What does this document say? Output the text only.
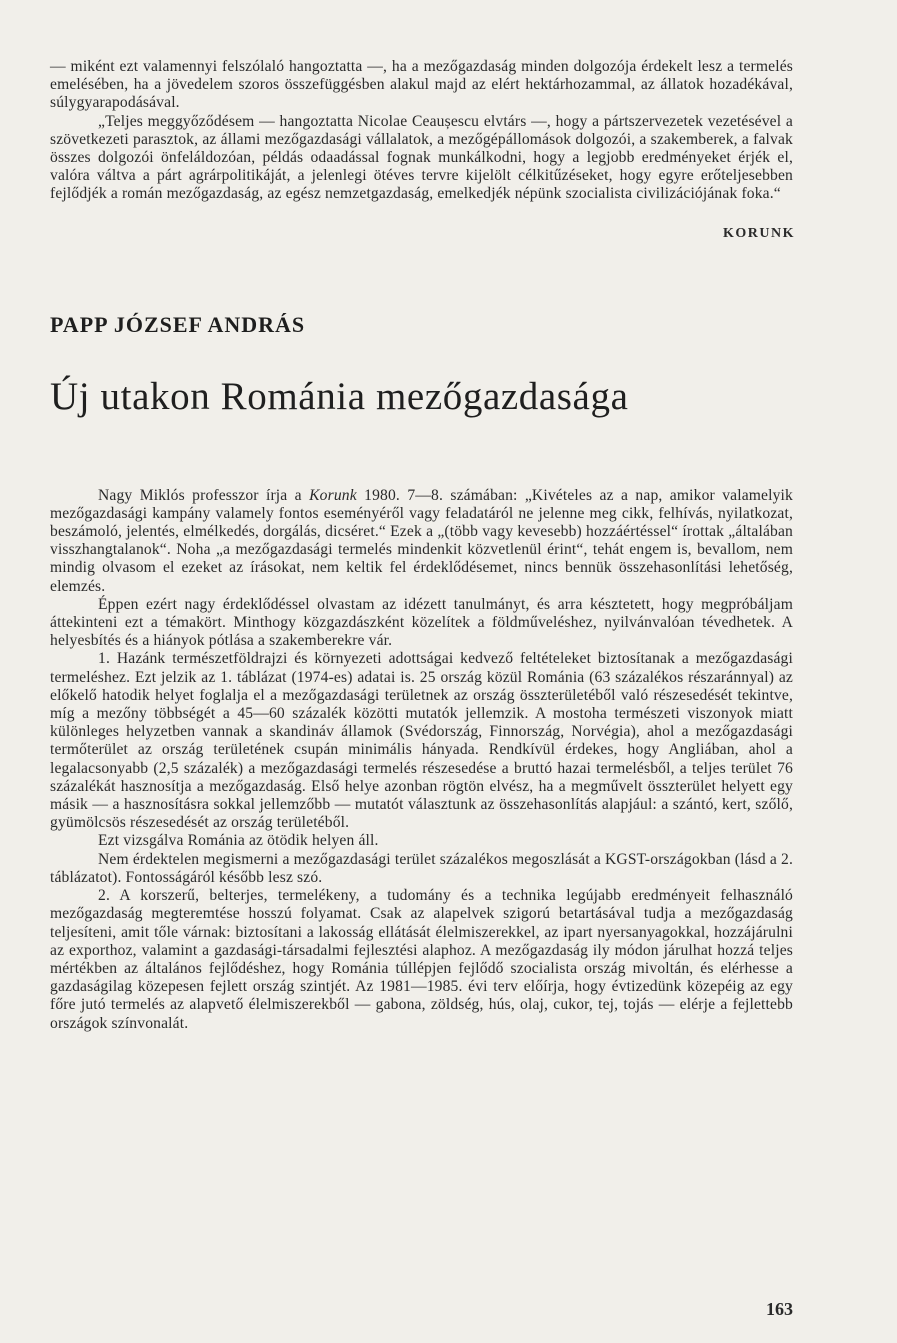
— miként ezt valamennyi felszólaló hangoztatta —, ha a mezőgazdaság minden dolgozója érdekelt lesz a termelés emelésében, ha a jövedelem szoros összefüggésben alakul majd az elért hektárhozammal, az állatok hozadékával, súlygyarapodásával.

„Teljes meggyőződésem — hangoztatta Nicolae Ceaușescu elvtárs —, hogy a pártszervezetek vezetésével a szövetkezeti parasztok, az állami mezőgazdasági vállalatok, a mezőgépállomások dolgozói, a szakemberek, a falvak összes dolgozói önfeláldozóan, példás odaadással fognak munkálkodni, hogy a legjobb eredményeket érjék el, valóra váltva a párt agrárpolitikáját, a jelenlegi ötéves tervre kijelölt célkitűzéseket, hogy egyre erőteljesebben fejlődjék a román mezőgazdaság, az egész nemzetgazdaság, emelkedjék népünk szocialista civilizációjának foka.“

KORUNK
PAPP JÓZSEF ANDRÁS
Új utakon Románia mezőgazdasága

Nagy Miklós professzor írja a Korunk 1980. 7—8. számában: „Kivételes az a nap, amikor valamelyik mezőgazdasági kampány valamely fontos eseményéről vagy feladatáról ne jelenne meg cikk, felhívás, nyilatkozat, beszámoló, jelentés, elmélkedés, dorgálás, dicséret.“ Ezek a „(több vagy kevesebb) hozzáértéssel“ írottak „általában visszhangtalanok“. Noha „a mezőgazdasági termelés mindenkit közvetlenül érint“, tehát engem is, bevallom, nem mindig olvasom el ezeket az írásokat, nem keltik fel érdeklődésemet, nincs bennük összehasonlítási lehetőség, elemzés.

Éppen ezért nagy érdeklődéssel olvastam az idézett tanulmányt, és arra késztetett, hogy megpróbáljam áttekinteni ezt a témakört. Minthogy közgazdászként közelítek a földműveléshez, nyilvánvalóan tévedhetek. A helyesbítés és a hiányok pótlása a szakemberekre vár.

1. Hazánk természetföldrajzi és környezeti adottságai kedvező feltételeket biztosítanak a mezőgazdasági termeléshez. Ezt jelzik az 1. táblázat (1974-es) adatai is. 25 ország közül Románia (63 százalékos részaránnyal) az előkelő hatodik helyet foglalja el a mezőgazdasági területnek az ország összterületéből való részesedését tekintve, míg a mezőny többségét a 45—60 százalék közötti mutatók jellemzik. A mostoha természeti viszonyok miatt különleges helyzetben vannak a skandináv államok (Svédország, Finnország, Norvégia), ahol a mezőgazdasági termőterület az ország területének csupán minimális hányada. Rendkívül érdekes, hogy Angliában, ahol a legalacsonyabb (2,5 százalék) a mezőgazdasági termelés részesedése a bruttó hazai termelésből, a teljes terület 76 százalékát hasznosítja a mezőgazdaság. Első helye azonban rögtön elvész, ha a megművelt összterület helyett egy másik — a hasznosításra sokkal jellemzőbb — mutatót választunk az összehasonlítás alapjául: a szántó, kert, szőlő, gyümölcsös részesedését az ország területéből.

Ezt vizsgálva Románia az ötödik helyen áll.

Nem érdektelen megismerni a mezőgazdasági terület százalékos megoszlását a KGST-országokban (lásd a 2. táblázatot). Fontosságáról később lesz szó.

2. A korszerű, belterjes, termelékeny, a tudomány és a technika legújabb eredményeit felhasználó mezőgazdaság megteremtése hosszú folyamat. Csak az alapelvek szigorú betartásával tudja a mezőgazdaság teljesíteni, amit tőle várnak: biztosítani a lakosság ellátását élelmiszerekkel, az ipart nyersanyagokkal, hozzájárulni az exporthoz, valamint a gazdasági-társadalmi fejlesztési alaphoz. A mezőgazdaság ily módon járulhat hozzá teljes mértékben az általános fejlődéshez, hogy Románia túllépjen fejlődő szocialista ország mivoltán, és elérhesse a gazdaságilag közepesen fejlett ország szintjét. Az 1981—1985. évi terv előírja, hogy évtizedünk közepéig az egy főre jutó termelés az alapvető élelmiszerekből — gabona, zöldség, hús, olaj, cukor, tej, tojás — elérje a fejlettebb országok színvonalát.

163
